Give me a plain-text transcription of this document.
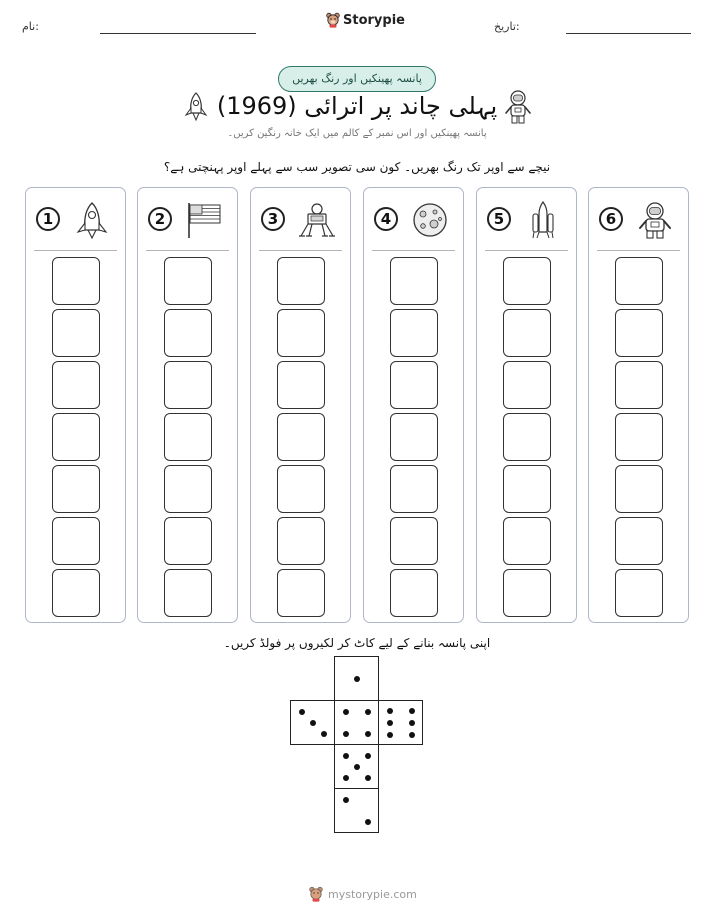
نام:	Storypie	تاریخ:
پانسہ پھینکیں اور رنگ بھریں
پہلی چاند پر اترائی (1969)
پانسہ پھینکیں اور اس نمبر کے کالم میں ایک خانہ رنگین کریں۔
نیچے سے اوپر تک رنگ بھریں۔ کون سی تصویر سب سے پہلے اوپر پہنچتی ہے؟
1	2	3	4	5	6
اپنی پانسہ بنانے کے لیے کاٹ کر لکیروں پر فولڈ کریں۔
mystorypie.com
